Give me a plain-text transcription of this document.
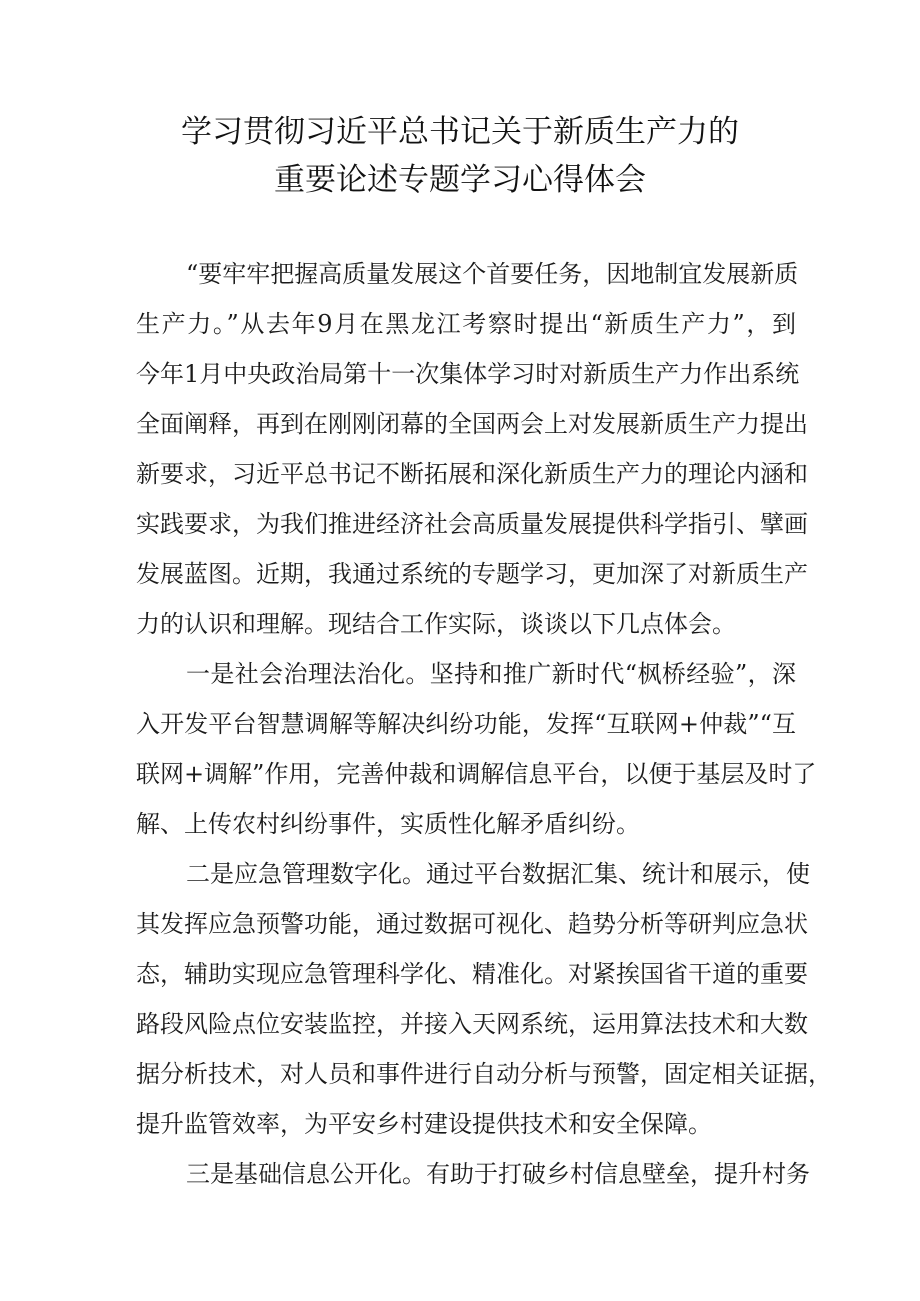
学习贯彻习近平总书记关于新质生产力的
重要论述专题学习心得体会
“要牢牢把握高质量发展这个首要任务，因地制宜发展新质
生产力。”从去年9月在黑龙江考察时提出“新质生产力”，到
今年1月中央政治局第十一次集体学习时对新质生产力作出系统
全面阐释，再到在刚刚闭幕的全国两会上对发展新质生产力提出
新要求，习近平总书记不断拓展和深化新质生产力的理论内涵和
实践要求，为我们推进经济社会高质量发展提供科学指引、擘画
发展蓝图。近期，我通过系统的专题学习，更加深了对新质生产
力的认识和理解。现结合工作实际，谈谈以下几点体会。
一是社会治理法治化。坚持和推广新时代“枫桥经验”，深
入开发平台智慧调解等解决纠纷功能，发挥“互联网+仲裁”“互
联网+调解”作用，完善仲裁和调解信息平台，以便于基层及时了
解、上传农村纠纷事件，实质性化解矛盾纠纷。
二是应急管理数字化。通过平台数据汇集、统计和展示，使
其发挥应急预警功能，通过数据可视化、趋势分析等研判应急状
态，辅助实现应急管理科学化、精准化。对紧挨国省干道的重要
路段风险点位安装监控，并接入天网系统，运用算法技术和大数
据分析技术，对人员和事件进行自动分析与预警，固定相关证据，
提升监管效率，为平安乡村建设提供技术和安全保障。
三是基础信息公开化。有助于打破乡村信息壁垒，提升村务
